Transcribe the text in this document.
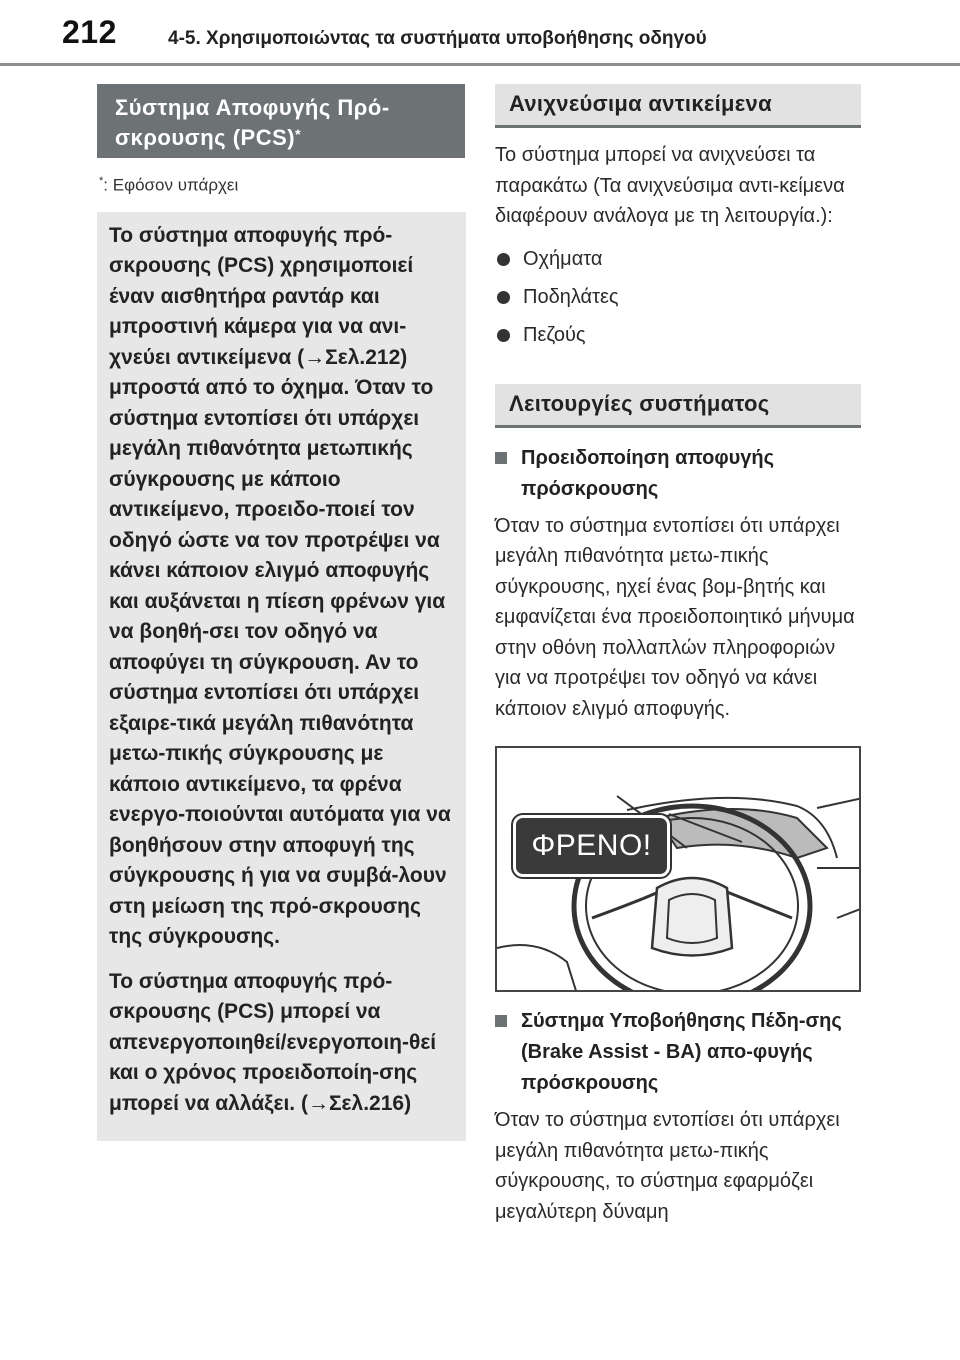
212	4-5. Χρησιμοποιώντας τα συστήματα υποβοήθησης οδηγού
Σύστημα Αποφυγής Πρό-
σκρουσης (PCS)*
*: Εφόσον υπάρχει

Το σύστημα αποφυγής πρό-σκρουσης (PCS) χρησιμοποιεί έναν αισθητήρα ραντάρ και μπροστινή κάμερα για να ανι-χνεύει αντικείμενα (→Σελ.212) μπροστά από το όχημα. Όταν το σύστημα εντοπίσει ότι υπάρχει μεγάλη πιθανότητα μετωπικής σύγκρουσης με κάποιο αντικείμενο, προειδο-ποιεί τον οδηγό ώστε να τον προτρέψει να κάνει κάποιον ελιγμό αποφυγής και αυξάνεται η πίεση φρένων για να βοηθή-σει τον οδηγό να αποφύγει τη σύγκρουση. Αν το σύστημα εντοπίσει ότι υπάρχει εξαιρε-τικά μεγάλη πιθανότητα μετω-πικής σύγκρουσης με κάποιο αντικείμενο, τα φρένα ενεργο-ποιούνται αυτόματα για να βοηθήσουν στην αποφυγή της σύγκρουσης ή για να συμβά-λουν στη μείωση της πρό-σκρουσης της σύγκρουσης.

Το σύστημα αποφυγής πρό-σκρουσης (PCS) μπορεί να απενεργοποιηθεί/ενεργοποιη-θεί και ο χρόνος προειδοποίη-σης μπορεί να αλλάξει. (→Σελ.216)

Ανιχνεύσιμα αντικείμενα

Το σύστημα μπορεί να ανιχνεύσει τα παρακάτω (Τα ανιχνεύσιμα αντι-κείμενα διαφέρουν ανάλογα με τη λειτουργία.):

Οχήματα
Ποδηλάτες
Πεζούς
Λειτουργίες συστήματος
Προειδοποίηση αποφυγής πρόσκρουσης

Όταν το σύστημα εντοπίσει ότι υπάρχει μεγάλη πιθανότητα μετω-πικής σύγκρουσης, ηχεί ένας βομ-βητής και εμφανίζεται ένα προειδοποιητικό μήνυμα στην οθόνη πολλαπλών πληροφοριών για να προτρέψει τον οδηγό να κάνει κάποιον ελιγμό αποφυγής.

Σύστημα Υποβοήθησης Πέδη-σης (Brake Assist - BA) απο-φυγής πρόσκρουσης

Όταν το σύστημα εντοπίσει ότι υπάρχει μεγάλη πιθανότητα μετω-πικής σύγκρουσης, το σύστημα εφαρμόζει μεγαλύτερη δύναμη

ΦΡΕΝΟ!
